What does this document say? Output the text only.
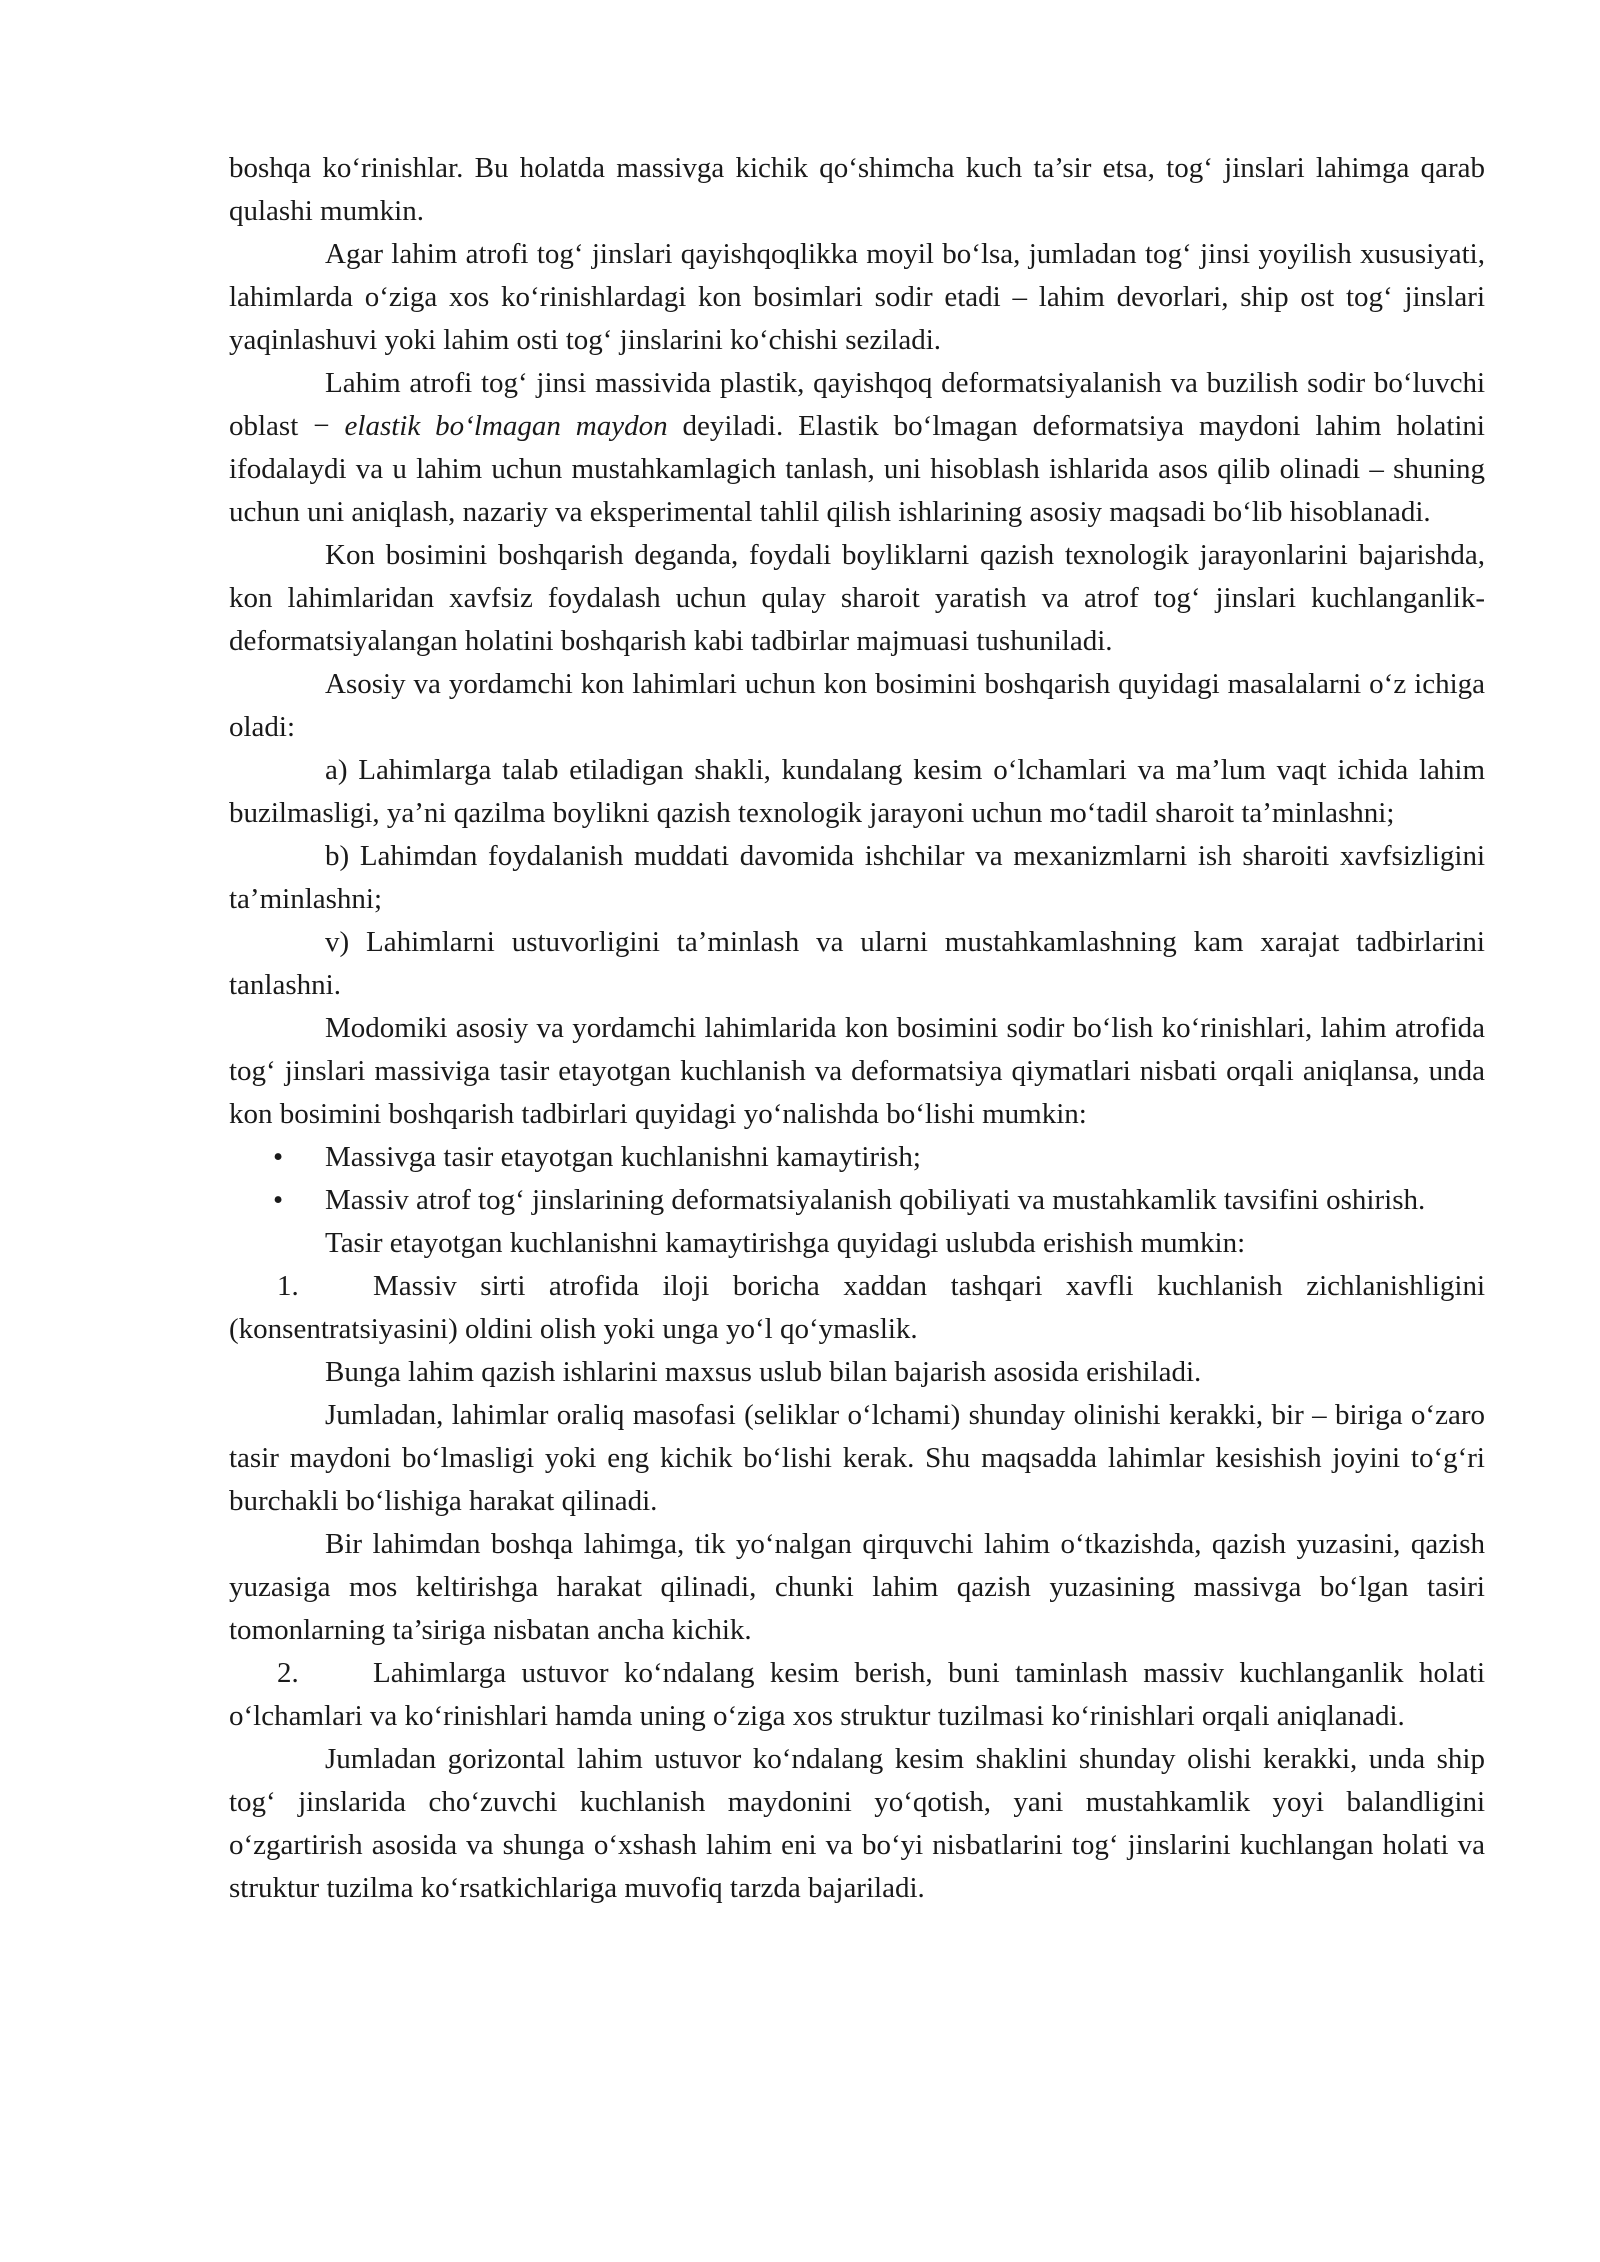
boshqa ko‘rinishlar. Bu holatda massivga kichik qo‘shimcha kuch ta’sir etsa, tog‘ jinslari lahimga qarab qulashi mumkin.

Agar lahim atrofi tog‘ jinslari qayishqoqlikka moyil bo‘lsa, jumladan tog‘ jinsi yoyilish xususiyati, lahimlarda o‘ziga xos ko‘rinishlardagi kon bosimlari sodir etadi – lahim devorlari, ship ost tog‘ jinslari yaqinlashuvi yoki lahim osti tog‘ jinslarini ko‘chishi seziladi.

Lahim atrofi tog‘ jinsi massivida plastik, qayishqoq deformatsiyalanish va buzilish sodir bo‘luvchi oblast − elastik bo‘lmagan maydon deyiladi. Elastik bo‘lmagan deformatsiya maydoni lahim holatini ifodalaydi va u lahim uchun mustahkamlagich tanlash, uni hisoblash ishlarida asos qilib olinadi – shuning uchun uni aniqlash, nazariy va eksperimental tahlil qilish ishlarining asosiy maqsadi bo‘lib hisoblanadi.

Kon bosimini boshqarish deganda, foydali boyliklarni qazish texnologik jarayonlarini bajarishda, kon lahimlaridan xavfsiz foydalash uchun qulay sharoit yaratish va atrof tog‘ jinslari kuchlanganlik-deformatsiyalangan holatini boshqarish kabi tadbirlar majmuasi tushuniladi.

Asosiy va yordamchi kon lahimlari uchun kon bosimini boshqarish quyidagi masalalarni o‘z ichiga oladi:

a) Lahimlarga talab etiladigan shakli, kundalang kesim o‘lchamlari va ma’lum vaqt ichida lahim buzilmasligi, ya’ni qazilma boylikni qazish texnologik jarayoni uchun mo‘tadil sharoit ta’minlashni;

b) Lahimdan foydalanish muddati davomida ishchilar va mexanizmlarni ish sharoiti xavfsizligini ta’minlashni;

v) Lahimlarni ustuvorligini ta’minlash va ularni mustahkamlashning kam xarajat tadbirlarini tanlashni.

Modomiki asosiy va yordamchi lahimlarida kon bosimini sodir bo‘lish ko‘rinishlari, lahim atrofida tog‘ jinslari massiviga tasir etayotgan kuchlanish va deformatsiya qiymatlari nisbati orqali aniqlansa, unda kon bosimini boshqarish tadbirlari quyidagi yo‘nalishda bo‘lishi mumkin:

• Massivga tasir etayotgan kuchlanishni kamaytirish;
• Massiv atrof tog‘ jinslarining deformatsiyalanish qobiliyati va mustahkamlik tavsifini oshirish.

Tasir etayotgan kuchlanishni kamaytirishga quyidagi uslubda erishish mumkin:

1.	Massiv sirti atrofida iloji boricha xaddan tashqari xavfli kuchlanish zichlanishligini (konsentratsiyasini) oldini olish yoki unga yo‘l qo‘ymaslik.

Bunga lahim qazish ishlarini maxsus uslub bilan bajarish asosida erishiladi.

Jumladan, lahimlar oraliq masofasi (seliklar o‘lchami) shunday olinishi kerakki, bir – biriga o‘zaro tasir maydoni bo‘lmasligi yoki eng kichik bo‘lishi kerak. Shu maqsadda lahimlar kesishish joyini to‘g‘ri burchakli bo‘lishiga harakat qilinadi.

Bir lahimdan boshqa lahimga, tik yo‘nalgan qirquvchi lahim o‘tkazishda, qazish yuzasini, qazish yuzasiga mos keltirishga harakat qilinadi, chunki lahim qazish yuzasining massivga bo‘lgan tasiri tomonlarning ta’siriga nisbatan ancha kichik.

2.	Lahimlarga ustuvor ko‘ndalang kesim berish, buni taminlash massiv kuchlanganlik holati o‘lchamlari va ko‘rinishlari hamda uning o‘ziga xos struktur tuzilmasi ko‘rinishlari orqali aniqlanadi.

Jumladan gorizontal lahim ustuvor ko‘ndalang kesim shaklini shunday olishi kerakki, unda ship tog‘ jinslarida cho‘zuvchi kuchlanish maydonini yo‘qotish, yani mustahkamlik yoyi balandligini o‘zgartirish asosida va shunga o‘xshash lahim eni va bo‘yi nisbatlarini tog‘ jinslarini kuchlangan holati va struktur tuzilma ko‘rsatkichlariga muvofiq tarzda bajariladi.
